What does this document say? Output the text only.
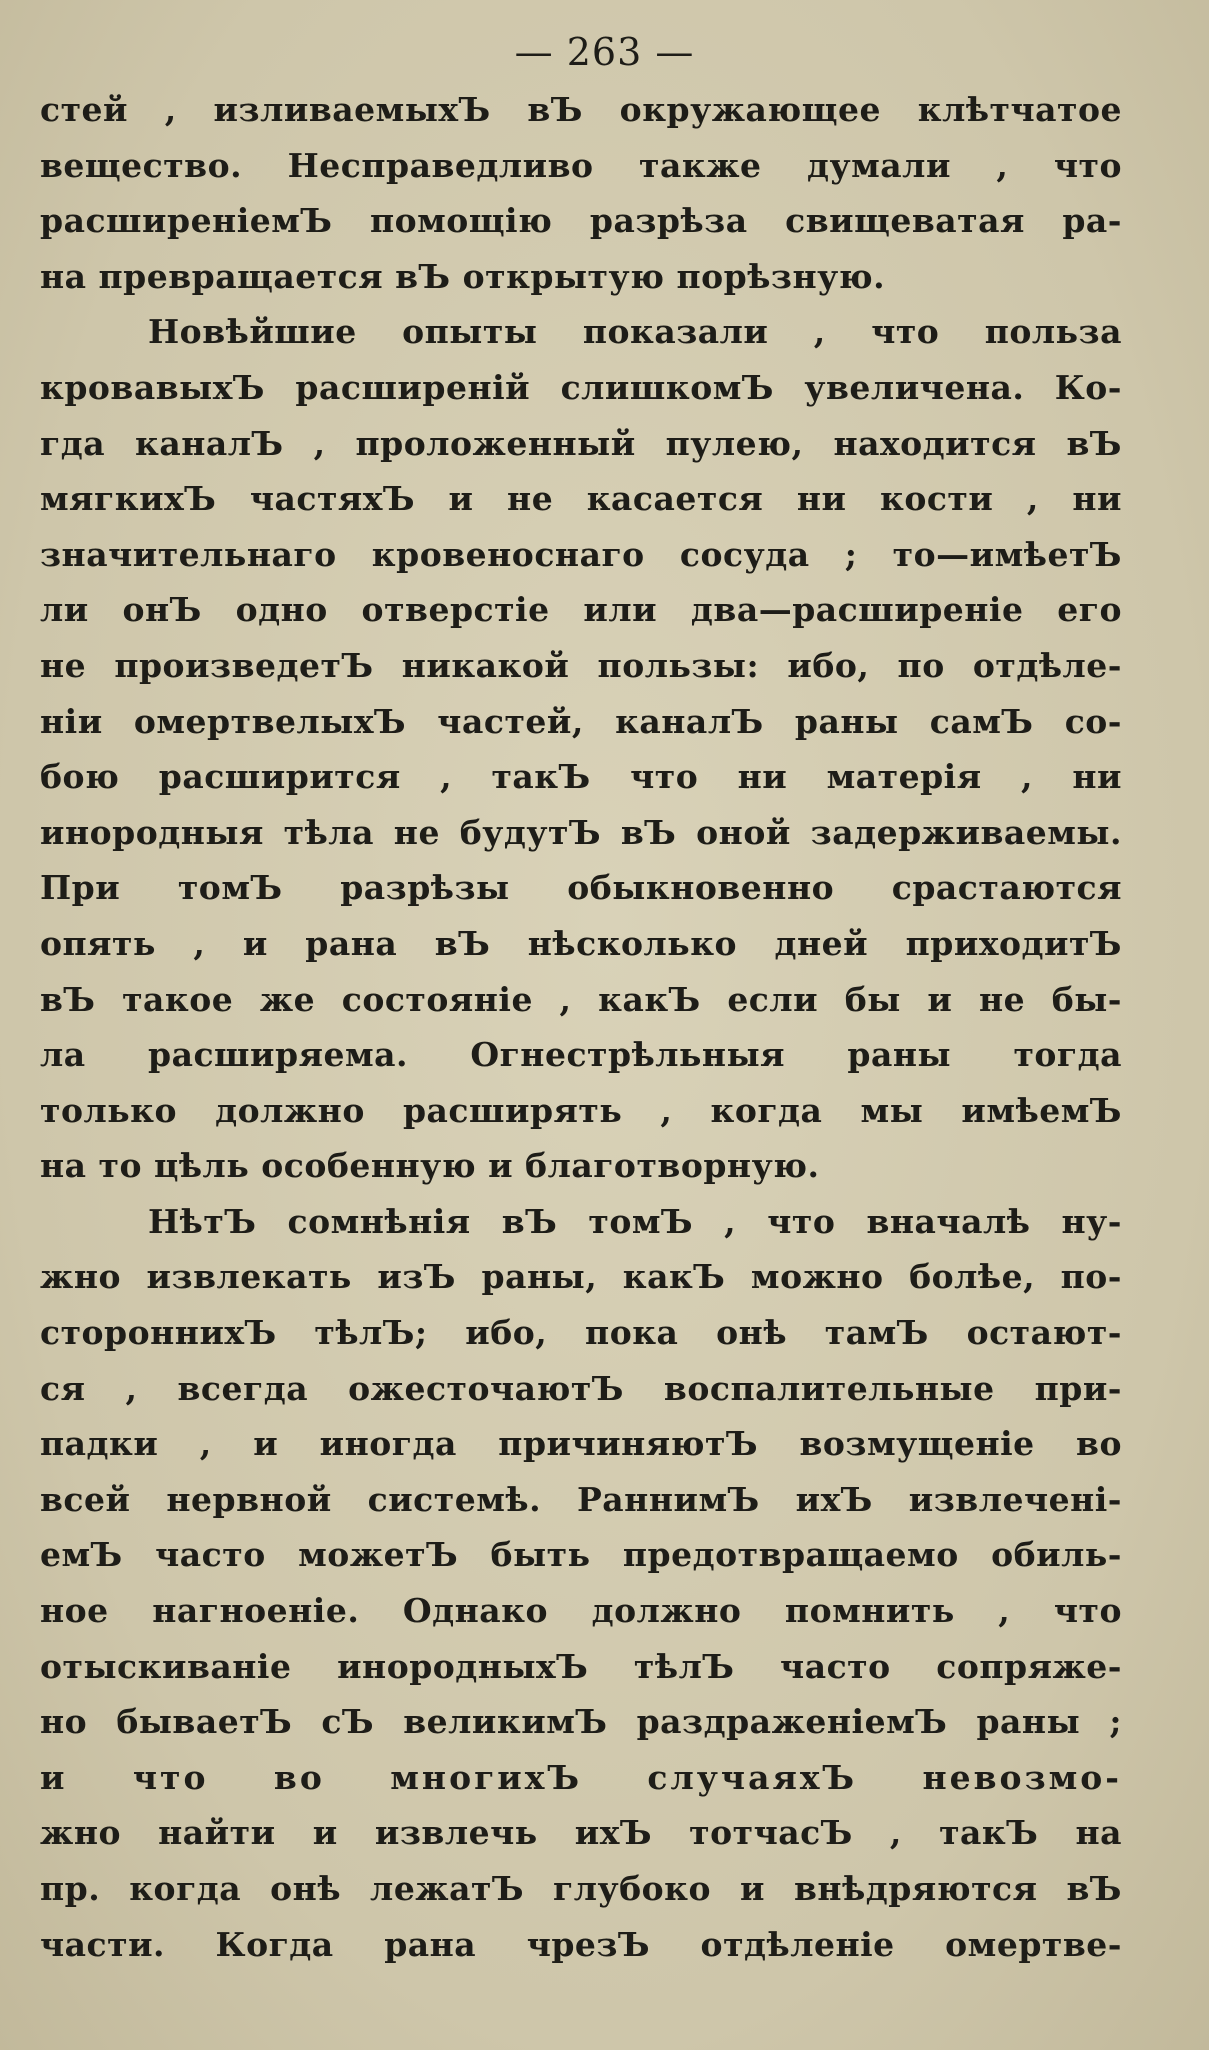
— 263 —
стей , изливаемыхЪ вЪ окружающее клѣтчатое
вещество. Несправедливо также думали , что
расширенiемЪ помощiю разрѣза свищеватая ра-
на превращается вЪ открытую порѣзную.
Новѣйшие опыты показали , что польза
кровавыхЪ расширенiй слишкомЪ увеличена. Ко-
гда каналЪ , проложенный пулею, находится вЪ
мягкихЪ частяхЪ и не касается ни кости , ни
значительнаго кровеноснаго сосуда ; то—имѣетЪ
ли онЪ одно отверстiе или два—расширенiе его
не произведетЪ никакой пользы: ибо, по отдѣле-
нiи омертвелыхЪ частей, каналЪ раны самЪ со-
бою расширится , такЪ что ни матерiя , ни
инородныя тѣла не будутЪ вЪ оной задерживаемы.
При томЪ разрѣзы обыкновенно срастаются
опять , и рана вЪ нѣсколько дней приходитЪ
вЪ такое же состоянiе , какЪ если бы и не бы-
ла расширяема. Огнестрѣльныя раны тогда
только должно расширять , когда мы имѣемЪ
на то цѣль особенную и благотворную.
НѣтЪ сомнѣнiя вЪ томЪ , что вначалѣ ну-
жно извлекать изЪ раны, какЪ можно болѣе, по-
стороннихЪ тѣлЪ; ибо, пока онѣ тамЪ остают-
ся , всегда ожесточаютЪ воспалительные при-
падки , и иногда причиняютЪ возмущенiе во
всей нервной системѣ. РаннимЪ ихЪ извлеченi-
емЪ часто можетЪ быть предотвращаемо обиль-
ное нагноенiе. Однако должно помнить , что
отыскиванiе инородныхЪ тѣлЪ часто сопряже-
но бываетЪ сЪ великимЪ раздраженiемЪ раны ;
и что во многихЪ случаяхЪ невозмо-
жно найти и извлечь ихЪ тотчасЪ , такЪ на
пр. когда онѣ лежатЪ глубоко и внѣдряются вЪ
части. Когда рана чрезЪ отдѣленiе омертве-
